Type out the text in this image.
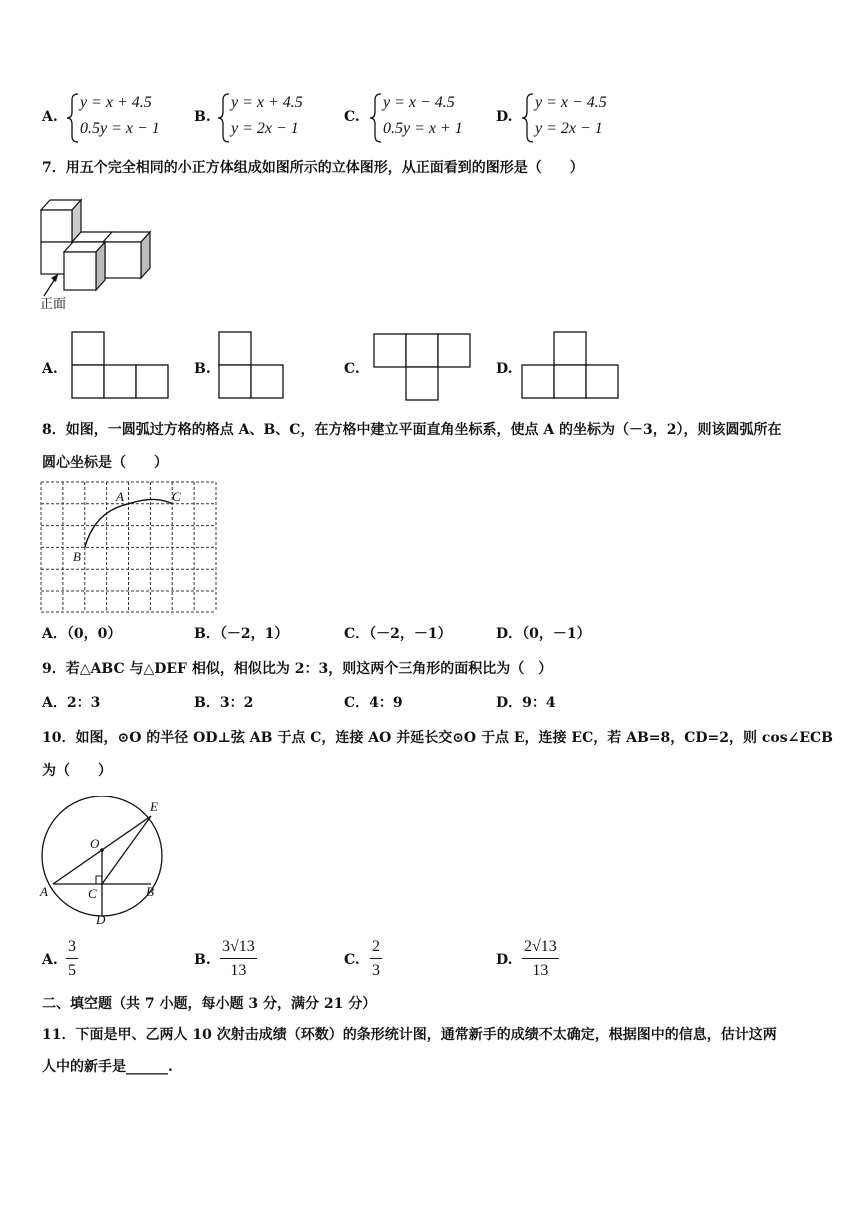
A.
y = x + 4.5
0.5y = x − 1
B.
y = x + 4.5
y = 2x − 1
C.
y = x − 4.5
0.5y = x + 1
D.
y = x − 4.5
y = 2x − 1
7．用五个完全相同的小正方体组成如图所示的立体图形，从正面看到的图形是（　　）
正面
A.	B.	C.	D.
8．如图，一圆弧过方格的格点 A、B、C，在方格中建立平面直角坐标系，使点 A 的坐标为（－3，2），则该圆弧所在
圆心坐标是（　　）
A
B
C
A．（0，0）	B．（－2，1）	C．（－2，－1）	D．（0，－1）
9．若△ABC 与△DEF 相似，相似比为 2：3，则这两个三角形的面积比为（　）
A．2：3	B．3：2	C．4：9	D．9：4
10．如图，⊙O 的半径 OD⊥弦 AB 于点 C，连接 AO 并延长交⊙O 于点 E，连接 EC，若 AB=8，CD=2，则 cos∠ECB
为（　　）
E
O
A	C	B
D
A. $\frac{3}{5}$	B. $\frac{3√13}{13}$	C. $\frac{2}{3}$	D. $\frac{2√13}{13}$
二、填空题（共 7 小题，每小题 3 分，满分 21 分）
11．下面是甲、乙两人 10 次射击成绩（环数）的条形统计图，通常新手的成绩不太确定，根据图中的信息，估计这两
人中的新手是______.
